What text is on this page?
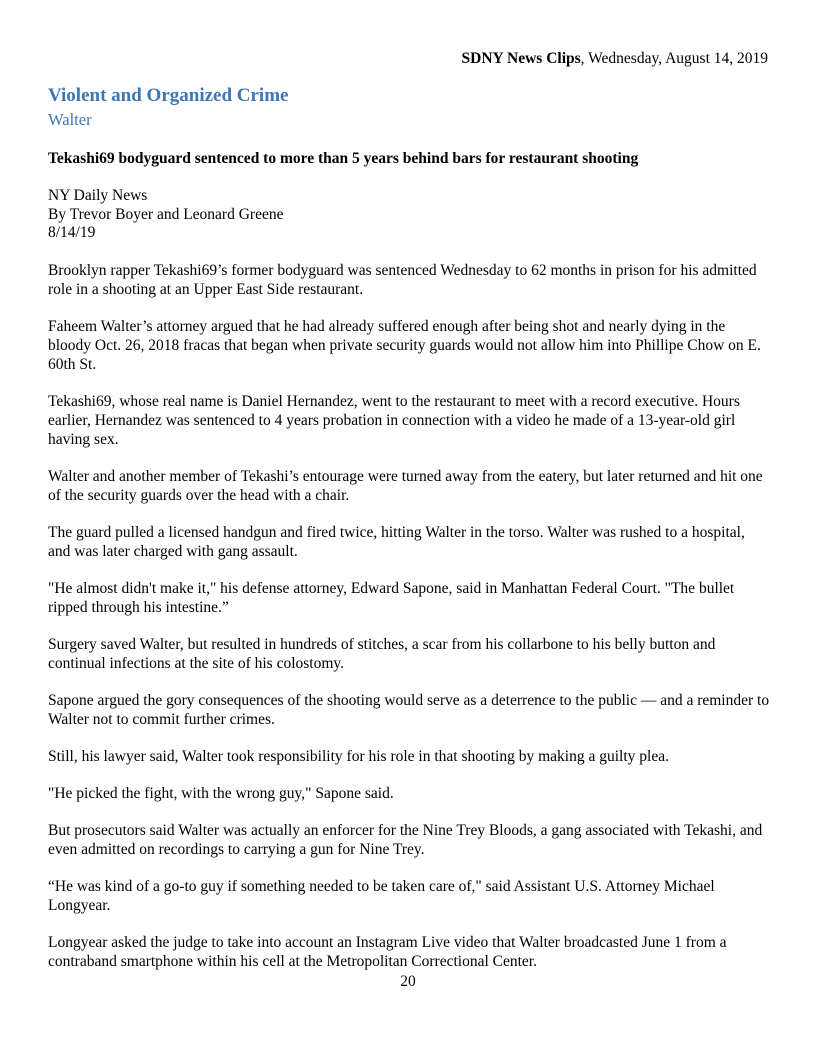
SDNY News Clips, Wednesday, August 14, 2019
Violent and Organized Crime
Walter
Tekashi69 bodyguard sentenced to more than 5 years behind bars for restaurant shooting
NY Daily News
By Trevor Boyer and Leonard Greene
8/14/19

Brooklyn rapper Tekashi69’s former bodyguard was sentenced Wednesday to 62 months in prison for his admitted role in a shooting at an Upper East Side restaurant.

Faheem Walter’s attorney argued that he had already suffered enough after being shot and nearly dying in the bloody Oct. 26, 2018 fracas that began when private security guards would not allow him into Phillipe Chow on E. 60th St.

Tekashi69, whose real name is Daniel Hernandez, went to the restaurant to meet with a record executive. Hours earlier, Hernandez was sentenced to 4 years probation in connection with a video he made of a 13-year-old girl having sex.

Walter and another member of Tekashi’s entourage were turned away from the eatery, but later returned and hit one of the security guards over the head with a chair.

The guard pulled a licensed handgun and fired twice, hitting Walter in the torso. Walter was rushed to a hospital, and was later charged with gang assault.

"He almost didn't make it," his defense attorney, Edward Sapone, said in Manhattan Federal Court. "The bullet ripped through his intestine.”

Surgery saved Walter, but resulted in hundreds of stitches, a scar from his collarbone to his belly button and continual infections at the site of his colostomy.

Sapone argued the gory consequences of the shooting would serve as a deterrence to the public — and a reminder to Walter not to commit further crimes.

Still, his lawyer said, Walter took responsibility for his role in that shooting by making a guilty plea.

"He picked the fight, with the wrong guy," Sapone said.

But prosecutors said Walter was actually an enforcer for the Nine Trey Bloods, a gang associated with Tekashi, and even admitted on recordings to carrying a gun for Nine Trey.

“He was kind of a go-to guy if something needed to be taken care of," said Assistant U.S. Attorney Michael Longyear.

Longyear asked the judge to take into account an Instagram Live video that Walter broadcasted June 1 from a contraband smartphone within his cell at the Metropolitan Correctional Center.

20
